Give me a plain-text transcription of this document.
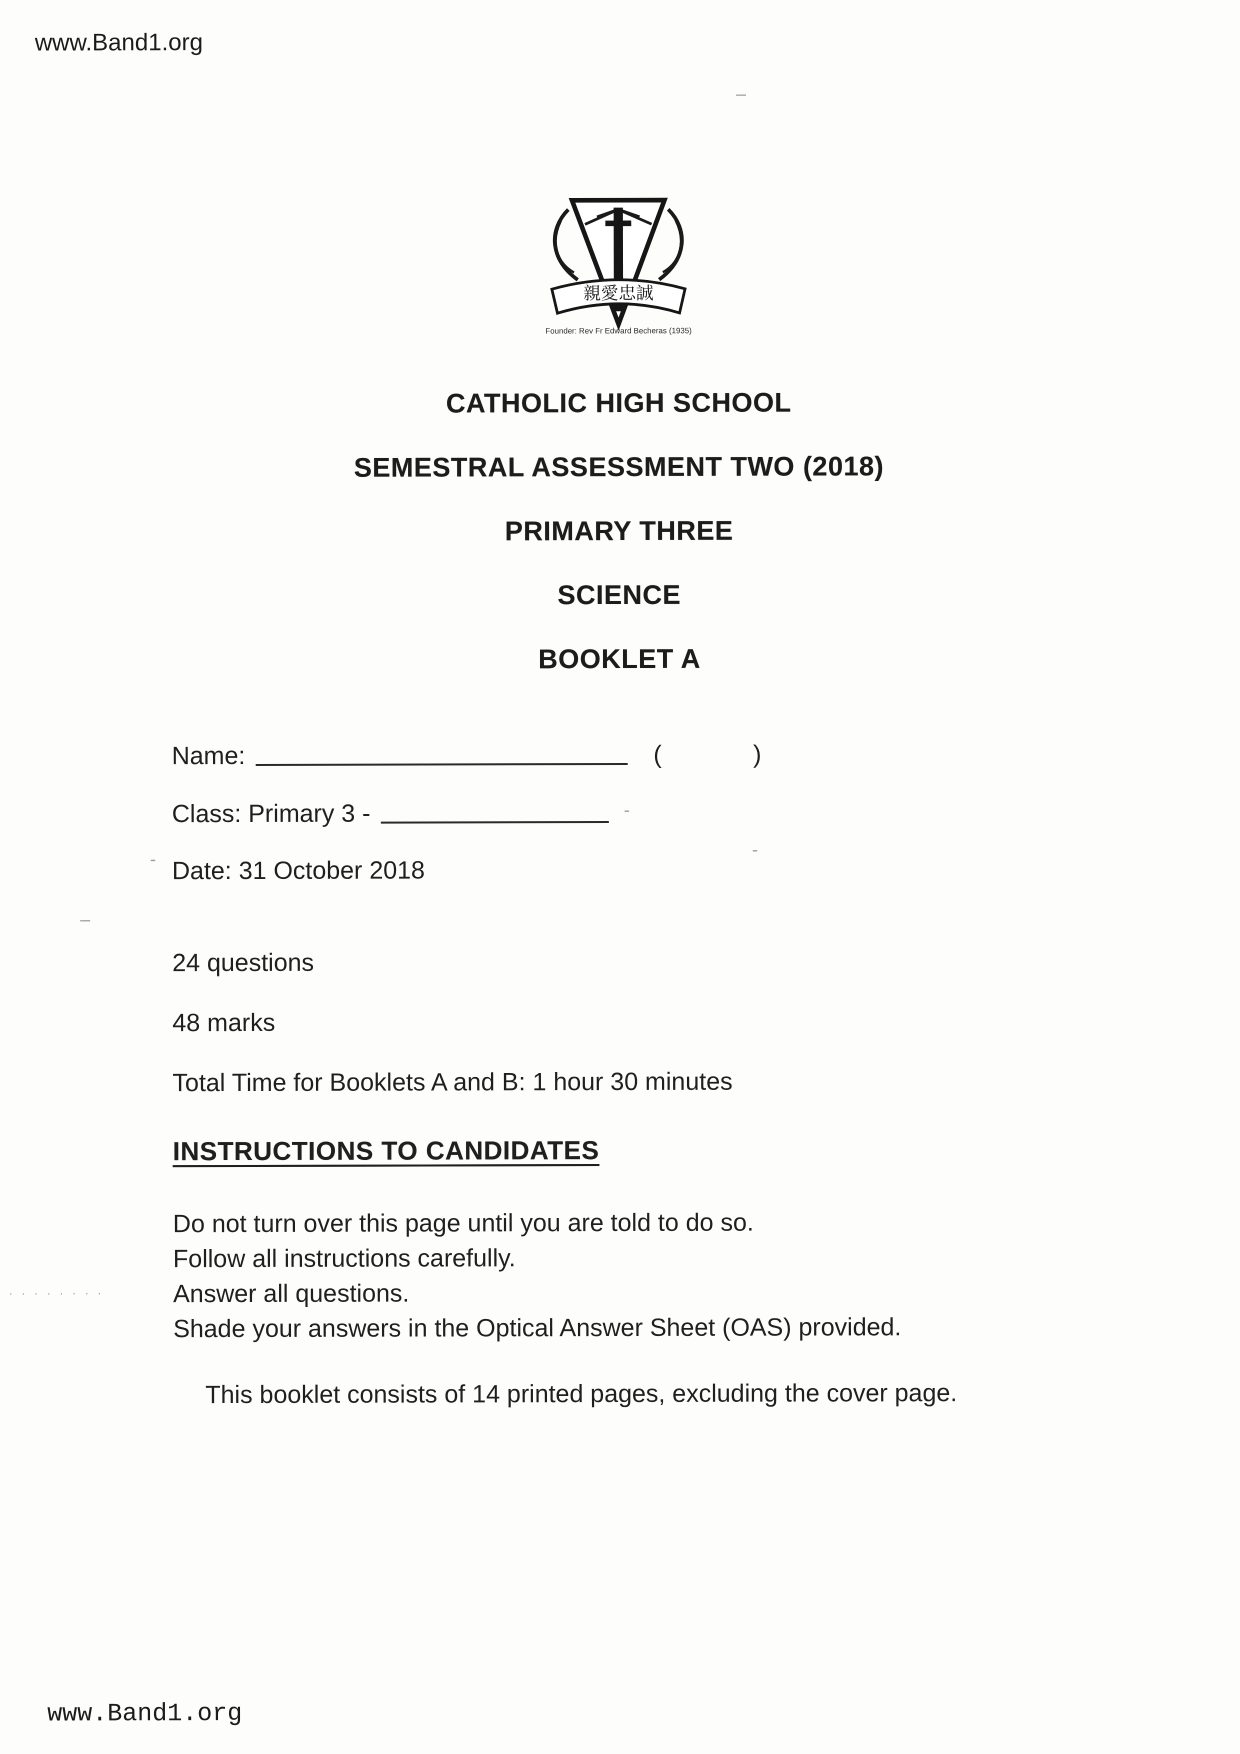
www.Band1.org
親愛忠誠
Founder: Rev Fr Edward Becheras (1935)
CATHOLIC HIGH SCHOOL
SEMESTRAL ASSESSMENT TWO (2018)
PRIMARY THREE
SCIENCE
BOOKLET A
Name:	(          )
Class: Primary 3 -
Date: 31 October 2018
24 questions
48 marks
Total Time for Booklets A and B: 1 hour 30 minutes
INSTRUCTIONS TO CANDIDATES
Do not turn over this page until you are told to do so.
Follow all instructions carefully.
Answer all questions.
Shade your answers in the Optical Answer Sheet (OAS) provided.
This booklet consists of 14 printed pages, excluding the cover page.
–
. . . . . . . .
-
-
-
–
www.Band1.org
